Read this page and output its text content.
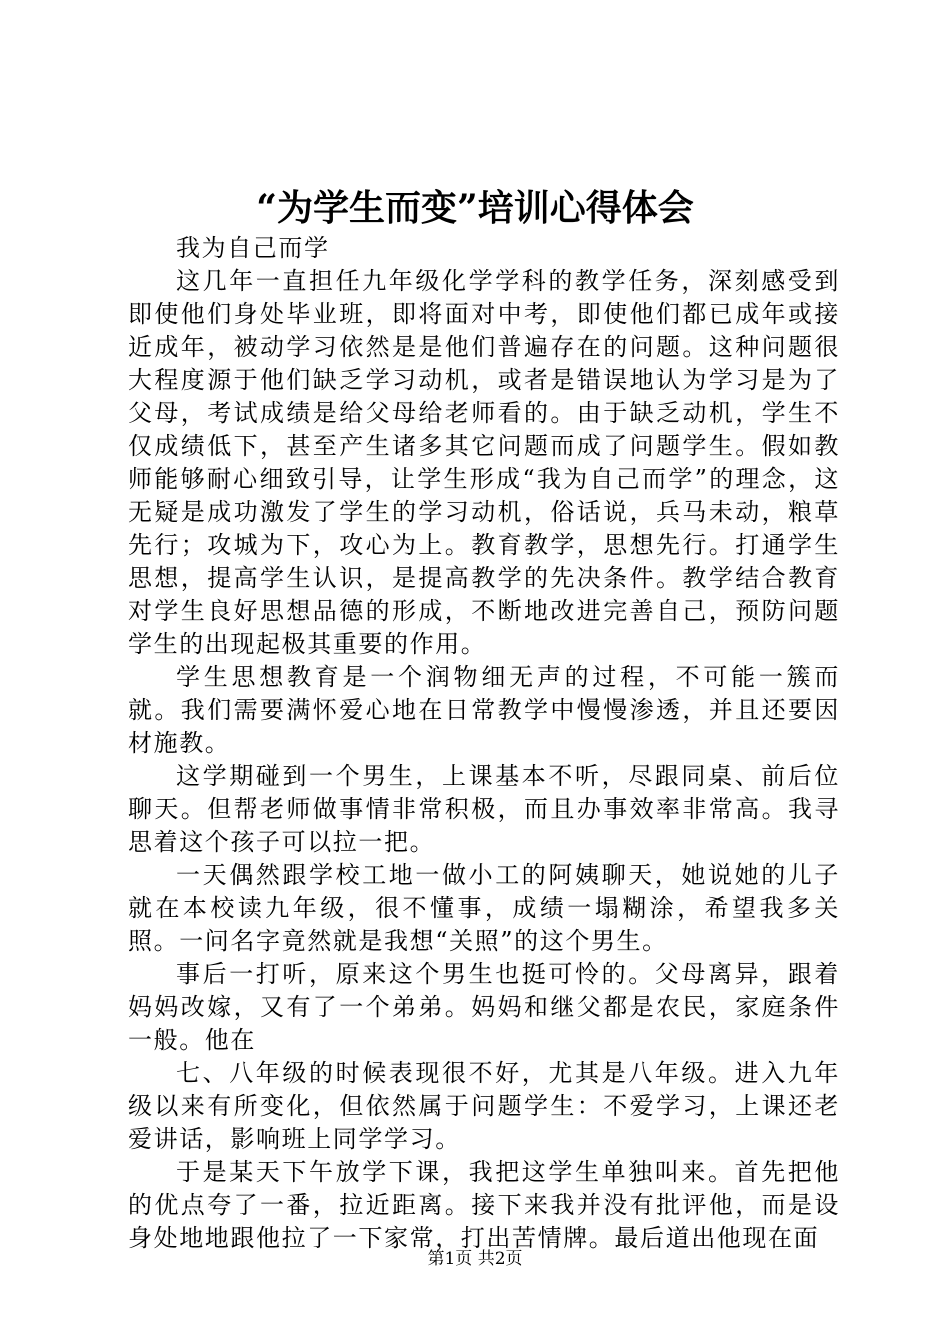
“为学生而变”培训心得体会

我为自己而学

这几年一直担任九年级化学学科的教学任务，深刻感受到即使他们身处毕业班，即将面对中考，即使他们都已成年或接近成年，被动学习依然是是他们普遍存在的问题。这种问题很大程度源于他们缺乏学习动机，或者是错误地认为学习是为了父母，考试成绩是给父母给老师看的。由于缺乏动机，学生不仅成绩低下，甚至产生诸多其它问题而成了问题学生。假如教师能够耐心细致引导，让学生形成“我为自己而学”的理念，这无疑是成功激发了学生的学习动机，俗话说，兵马未动，粮草先行；攻城为下，攻心为上。教育教学，思想先行。打通学生思想，提高学生认识，是提高教学的先决条件。教学结合教育对学生良好思想品德的形成，不断地改进完善自己，预防问题学生的出现起极其重要的作用。

学生思想教育是一个润物细无声的过程，不可能一簇而就。我们需要满怀爱心地在日常教学中慢慢渗透，并且还要因材施教。

这学期碰到一个男生，上课基本不听，尽跟同桌、前后位聊天。但帮老师做事情非常积极，而且办事效率非常高。我寻思着这个孩子可以拉一把。

一天偶然跟学校工地一做小工的阿姨聊天，她说她的儿子就在本校读九年级，很不懂事，成绩一塌糊涂，希望我多关照。一问名字竟然就是我想“关照”的这个男生。

事后一打听，原来这个男生也挺可怜的。父母离异，跟着妈妈改嫁，又有了一个弟弟。妈妈和继父都是农民，家庭条件一般。他在

七、八年级的时候表现很不好，尤其是八年级。进入九年级以来有所变化，但依然属于问题学生：不爱学习，上课还老爱讲话，影响班上同学学习。

于是某天下午放学下课，我把这学生单独叫来。首先把他的优点夸了一番，拉近距离。接下来我并没有批评他，而是设身处地地跟他拉了一下家常，打出苦情牌。最后道出他现在面

第1页 共2页
